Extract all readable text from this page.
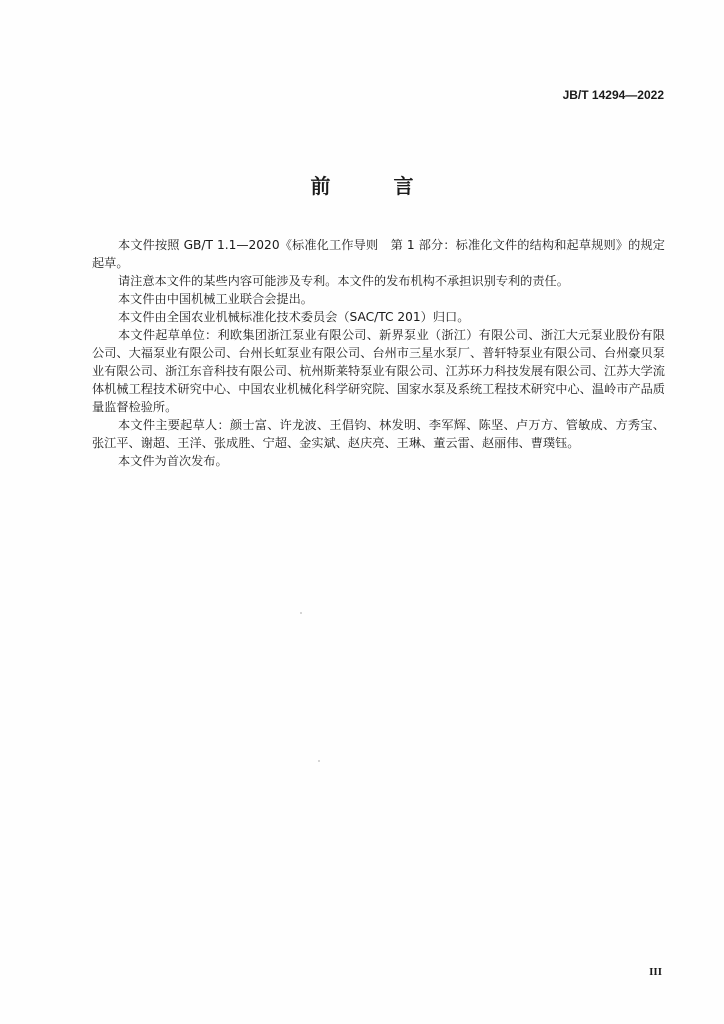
JB/T 14294—2022
前 言

本文件按照 GB/T 1.1—2020《标准化工作导则　第 1 部分：标准化文件的结构和起草规则》的规定起草。

请注意本文件的某些内容可能涉及专利。本文件的发布机构不承担识别专利的责任。

本文件由中国机械工业联合会提出。

本文件由全国农业机械标准化技术委员会（SAC/TC 201）归口。

本文件起草单位：利欧集团浙江泵业有限公司、新界泵业（浙江）有限公司、浙江大元泵业股份有限公司、大福泵业有限公司、台州长虹泵业有限公司、台州市三星水泵厂、普轩特泵业有限公司、台州豪贝泵业有限公司、浙江东音科技有限公司、杭州斯莱特泵业有限公司、江苏环力科技发展有限公司、江苏大学流体机械工程技术研究中心、中国农业机械化科学研究院、国家水泵及系统工程技术研究中心、温岭市产品质量监督检验所。

本文件主要起草人：颜士富、许龙波、王倡钧、林发明、李军辉、陈坚、卢万方、管敏成、方秀宝、张江平、谢超、王洋、张成胜、宁超、金实斌、赵庆亮、王琳、董云雷、赵丽伟、曹璞钰。

本文件为首次发布。

III
